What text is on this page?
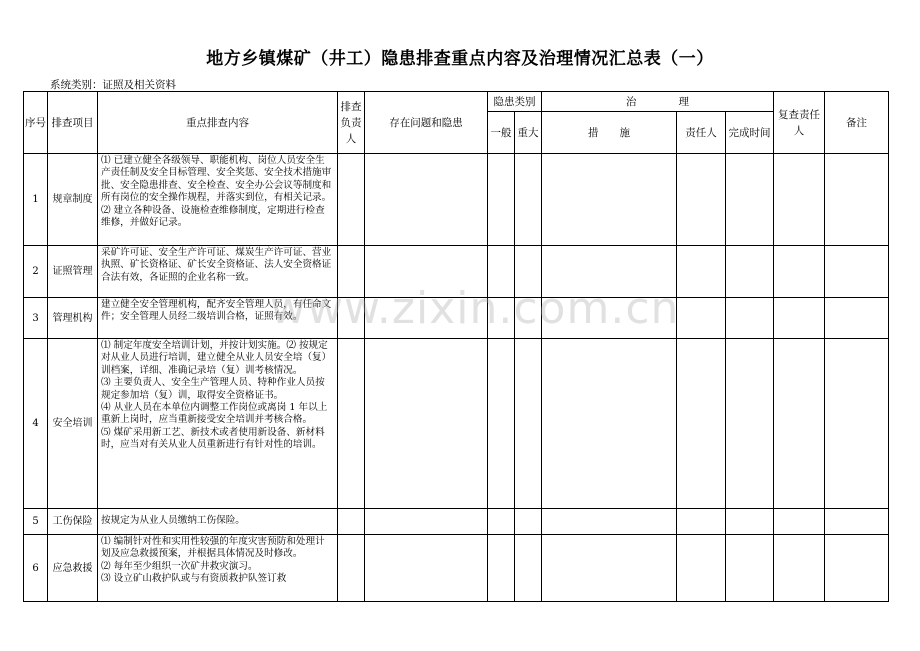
地方乡镇煤矿（井工）隐患排查重点内容及治理情况汇总表（一）
系统类别：证照及相关资料
序号	排查项目	重点排查内容	排查负责人	存在问题和隐患	隐患类别		治　　　　理			复查责任人	备注
					一般	重大	措　　施	责任人	完成时间		
1	规章制度	⑴ 已建立健全各级领导、职能机构、岗位人员安全生产责任制及安全目标管理、安全奖惩、安全技术措施审批、安全隐患排查、安全检查、安全办公会议等制度和所有岗位的安全操作规程，并落实到位，有相关记录。
⑵ 建立各种设备、设施检查维修制度，定期进行检查维修，并做好记录。									

2	证照管理	采矿许可证、安全生产许可证、煤炭生产许可证、营业执照、矿长资格证、矿长安全资格证、法人安全资格证合法有效，各证照的企业名称一致。									

3	管理机构	建立健全安全管理机构，配齐安全管理人员，有任命文件；安全管理人员经二级培训合格，证照有效。									

4	安全培训	⑴ 制定年度安全培训计划，并按计划实施。⑵ 按规定对从业人员进行培训，建立健全从业人员安全培（复）训档案，详细、准确记录培（复）训考核情况。
⑶ 主要负责人、安全生产管理人员、特种作业人员按规定参加培（复）训，取得安全资格证书。
⑷ 从业人员在本单位内调整工作岗位或离岗 1 年以上重新上岗时，应当重新接受安全培训并考核合格。
⑸ 煤矿采用新工艺、新技术或者使用新设备、新材料时，应当对有关从业人员重新进行有针对性的培训。									

5	工伤保险	按规定为从业人员缴纳工伤保险。									

6	应急救援	⑴ 编制针对性和实用性较强的年度灾害预防和处理计划及应急救援预案，并根据具体情况及时修改。
⑵ 每年至少组织一次矿井救灾演习。
⑶ 设立矿山救护队或与有资质救护队签订救									

www.zixin.com.cn
